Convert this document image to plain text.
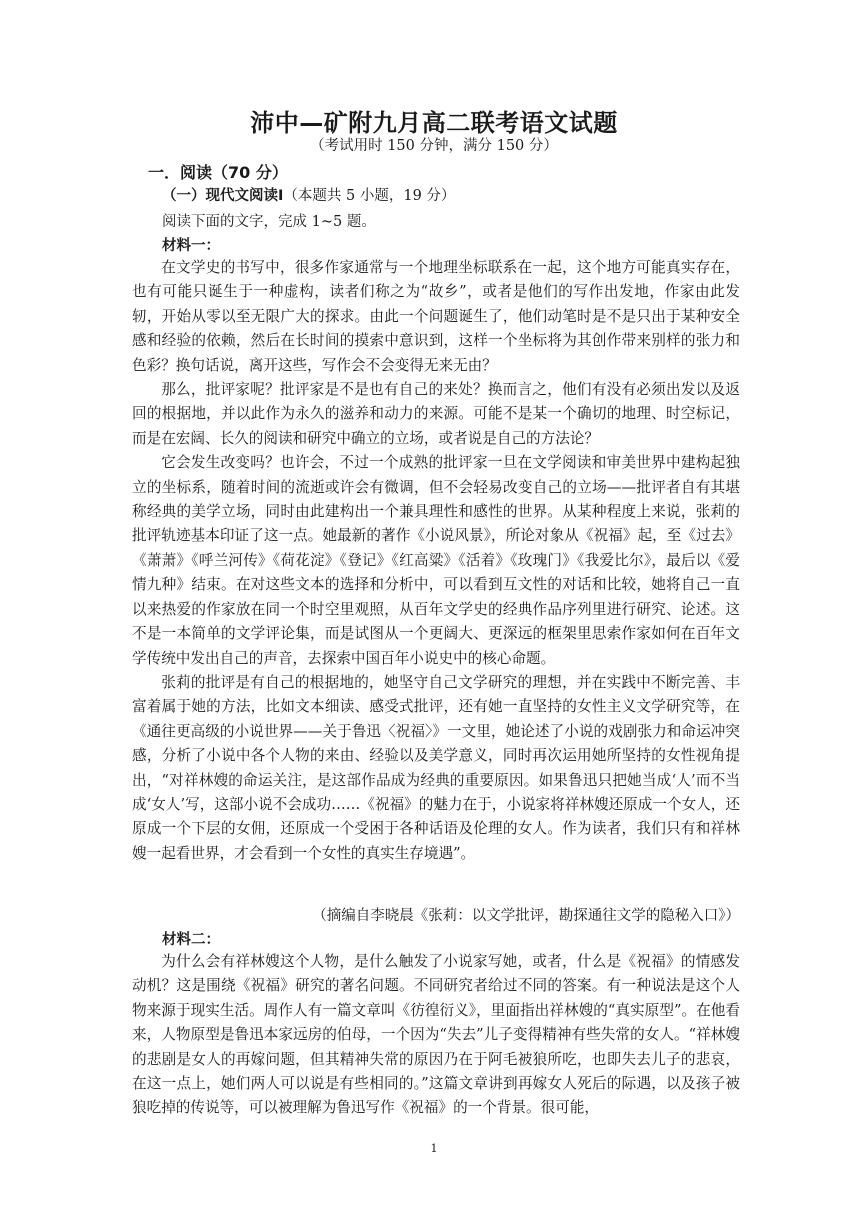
沛中—矿附九月高二联考语文试题
（考试用时 150 分钟，满分 150 分）
一．阅读（70 分）
（一）现代文阅读Ⅰ（本题共 5 小题，19 分）
阅读下面的文字，完成 1~5 题。
材料一：

在文学史的书写中，很多作家通常与一个地理坐标联系在一起，这个地方可能真实存在，也有可能只诞生于一种虚构，读者们称之为“故乡”，或者是他们的写作出发地，作家由此发轫，开始从零以至无限广大的探求。由此一个问题诞生了，他们动笔时是不是只出于某种安全感和经验的依赖，然后在长时间的摸索中意识到，这样一个坐标将为其创作带来别样的张力和色彩？换句话说，离开这些，写作会不会变得无来无由？

那么，批评家呢？批评家是不是也有自己的来处？换而言之，他们有没有必须出发以及返回的根据地，并以此作为永久的滋养和动力的来源。可能不是某一个确切的地理、时空标记，而是在宏阔、长久的阅读和研究中确立的立场，或者说是自己的方法论？

它会发生改变吗？也许会，不过一个成熟的批评家一旦在文学阅读和审美世界中建构起独立的坐标系，随着时间的流逝或许会有微调，但不会轻易改变自己的立场——批评者自有其堪称经典的美学立场，同时由此建构出一个兼具理性和感性的世界。从某种程度上来说，张莉的批评轨迹基本印证了这一点。她最新的著作《小说风景》，所论对象从《祝福》起，至《过去》《萧萧》《呼兰河传》《荷花淀》《登记》《红高粱》《活着》《玫瑰门》《我爱比尔》，最后以《爱情九种》结束。在对这些文本的选择和分析中，可以看到互文性的对话和比较，她将自己一直以来热爱的作家放在同一个时空里观照，从百年文学史的经典作品序列里进行研究、论述。这不是一本简单的文学评论集，而是试图从一个更阔大、更深远的框架里思索作家如何在百年文学传统中发出自己的声音，去探索中国百年小说史中的核心命题。

张莉的批评是有自己的根据地的，她坚守自己文学研究的理想，并在实践中不断完善、丰富着属于她的方法，比如文本细读、感受式批评，还有她一直坚持的女性主义文学研究等，在《通往更高级的小说世界——关于鲁迅〈祝福〉》一文里，她论述了小说的戏剧张力和命运冲突感，分析了小说中各个人物的来由、经验以及美学意义，同时再次运用她所坚持的女性视角提出，“对祥林嫂的命运关注，是这部作品成为经典的重要原因。如果鲁迅只把她当成‘人’而不当成‘女人’写，这部小说不会成功……《祝福》的魅力在于，小说家将祥林嫂还原成一个女人，还原成一个下层的女佣，还原成一个受困于各种话语及伦理的女人。作为读者，我们只有和祥林嫂一起看世界，才会看到一个女性的真实生存境遇”。

（摘编自李晓晨《张莉：以文学批评，勘探通往文学的隐秘入口》）
材料二：

为什么会有祥林嫂这个人物，是什么触发了小说家写她，或者，什么是《祝福》的情感发动机？这是围绕《祝福》研究的著名问题。不同研究者给过不同的答案。有一种说法是这个人物来源于现实生活。周作人有一篇文章叫《彷徨衍义》，里面指出祥林嫂的“真实原型”。在他看来，人物原型是鲁迅本家远房的伯母，一个因为“失去”儿子变得精神有些失常的女人。“祥林嫂的悲剧是女人的再嫁问题，但其精神失常的原因乃在于阿毛被狼所吃，也即失去儿子的悲哀，在这一点上，她们两人可以说是有些相同的。”这篇文章讲到再嫁女人死后的际遇，以及孩子被狼吃掉的传说等，可以被理解为鲁迅写作《祝福》的一个背景。很可能，

1
